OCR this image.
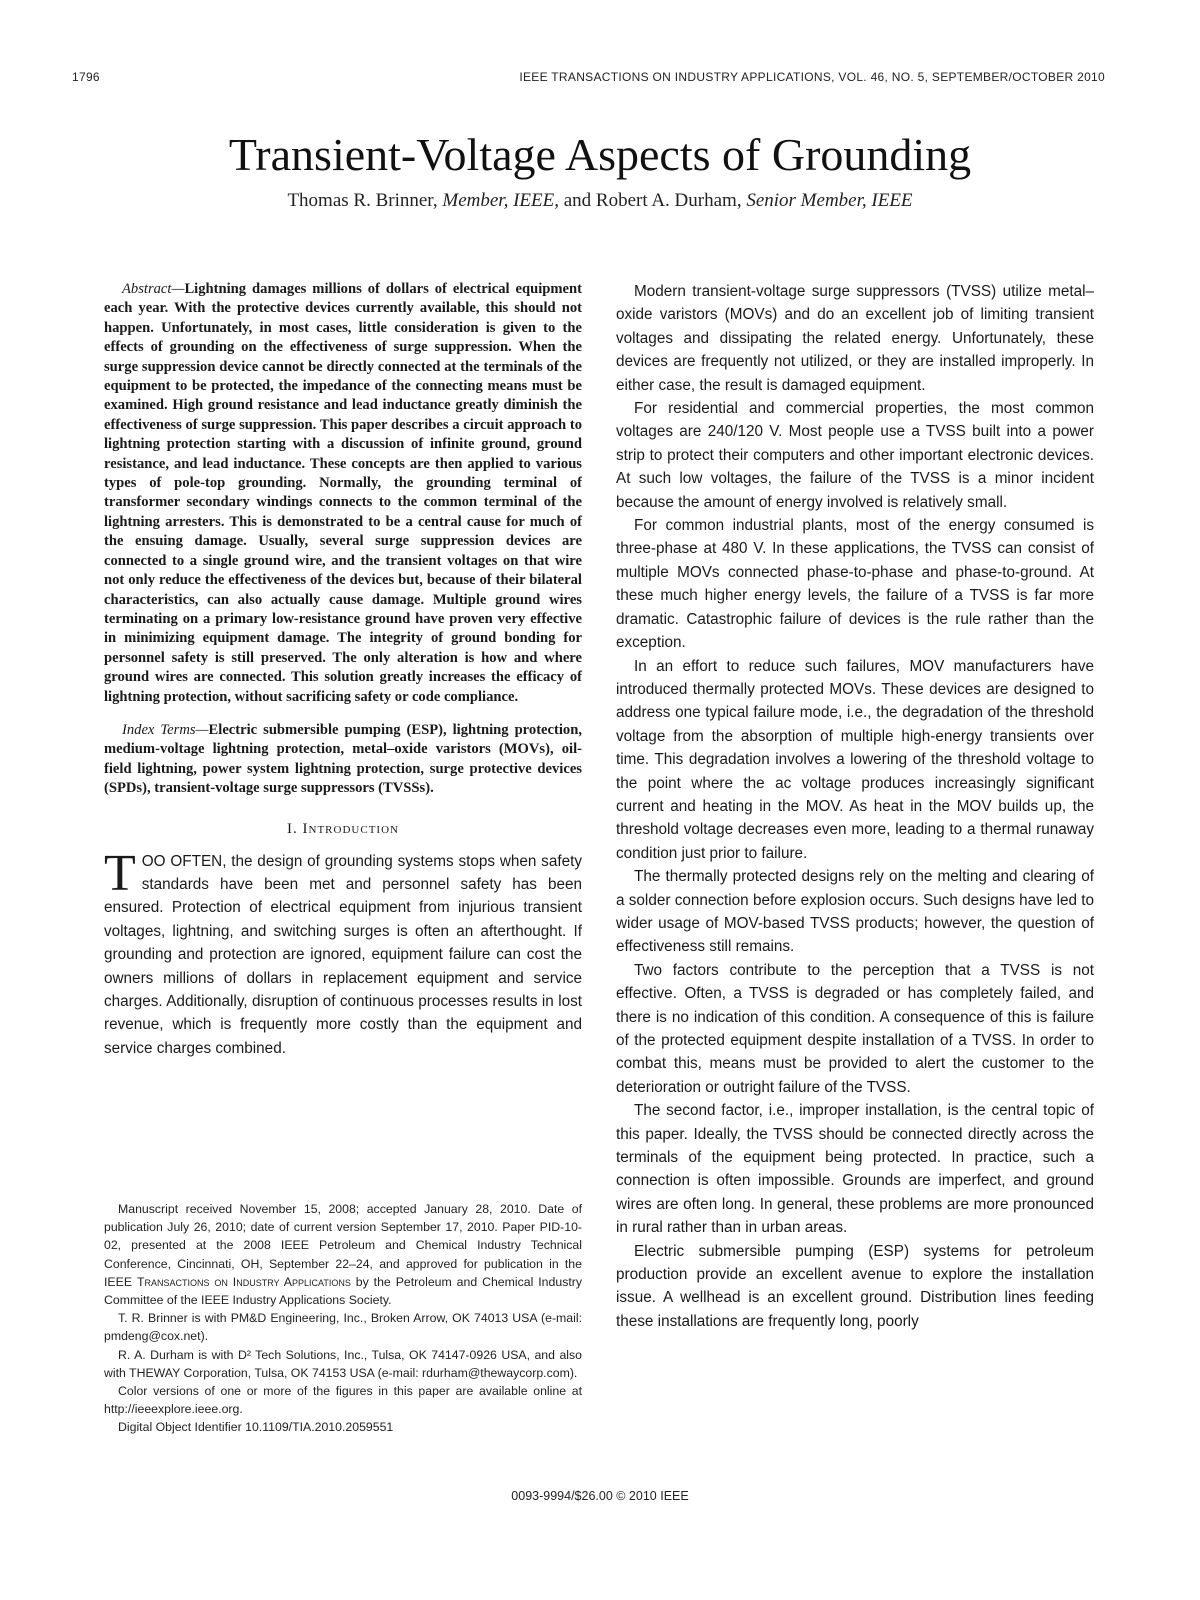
1796	IEEE TRANSACTIONS ON INDUSTRY APPLICATIONS, VOL. 46, NO. 5, SEPTEMBER/OCTOBER 2010
Transient-Voltage Aspects of Grounding
Thomas R. Brinner, Member, IEEE, and Robert A. Durham, Senior Member, IEEE

Abstract—Lightning damages millions of dollars of electrical equipment each year. With the protective devices currently available, this should not happen. Unfortunately, in most cases, little consideration is given to the effects of grounding on the effectiveness of surge suppression. When the surge suppression device cannot be directly connected at the terminals of the equipment to be protected, the impedance of the connecting means must be examined. High ground resistance and lead inductance greatly diminish the effectiveness of surge suppression. This paper describes a circuit approach to lightning protection starting with a discussion of infinite ground, ground resistance, and lead inductance. These concepts are then applied to various types of pole-top grounding. Normally, the grounding terminal of transformer secondary windings connects to the common terminal of the lightning arresters. This is demonstrated to be a central cause for much of the ensuing damage. Usually, several surge suppression devices are connected to a single ground wire, and the transient voltages on that wire not only reduce the effectiveness of the devices but, because of their bilateral characteristics, can also actually cause damage. Multiple ground wires terminating on a primary low-resistance ground have proven very effective in minimizing equipment damage. The integrity of ground bonding for personnel safety is still preserved. The only alteration is how and where ground wires are connected. This solution greatly increases the efficacy of lightning protection, without sacrificing safety or code compliance.

Index Terms—Electric submersible pumping (ESP), lightning protection, medium-voltage lightning protection, metal–oxide varistors (MOVs), oil-field lightning, power system lightning protection, surge protective devices (SPDs), transient-voltage surge suppressors (TVSSs).

I. Introduction

TOO OFTEN, the design of grounding systems stops when safety standards have been met and personnel safety has been ensured. Protection of electrical equipment from injurious transient voltages, lightning, and switching surges is often an afterthought. If grounding and protection are ignored, equipment failure can cost the owners millions of dollars in replacement equipment and service charges. Additionally, disruption of continuous processes results in lost revenue, which is frequently more costly than the equipment and service charges combined.

Manuscript received November 15, 2008; accepted January 28, 2010. Date of publication July 26, 2010; date of current version September 17, 2010. Paper PID-10-02, presented at the 2008 IEEE Petroleum and Chemical Industry Technical Conference, Cincinnati, OH, September 22–24, and approved for publication in the IEEE Transactions on Industry Applications by the Petroleum and Chemical Industry Committee of the IEEE Industry Applications Society.

T. R. Brinner is with PM&D Engineering, Inc., Broken Arrow, OK 74013 USA (e-mail: pmdeng@cox.net).

R. A. Durham is with D² Tech Solutions, Inc., Tulsa, OK 74147-0926 USA, and also with THEWAY Corporation, Tulsa, OK 74153 USA (e-mail: rdurham@thewaycorp.com).

Color versions of one or more of the figures in this paper are available online at http://ieeexplore.ieee.org.

Digital Object Identifier 10.1109/TIA.2010.2059551

Modern transient-voltage surge suppressors (TVSS) utilize metal–oxide varistors (MOVs) and do an excellent job of limiting transient voltages and dissipating the related energy. Unfortunately, these devices are frequently not utilized, or they are installed improperly. In either case, the result is damaged equipment.

For residential and commercial properties, the most common voltages are 240/120 V. Most people use a TVSS built into a power strip to protect their computers and other important electronic devices. At such low voltages, the failure of the TVSS is a minor incident because the amount of energy involved is relatively small.

For common industrial plants, most of the energy consumed is three-phase at 480 V. In these applications, the TVSS can consist of multiple MOVs connected phase-to-phase and phase-to-ground. At these much higher energy levels, the failure of a TVSS is far more dramatic. Catastrophic failure of devices is the rule rather than the exception.

In an effort to reduce such failures, MOV manufacturers have introduced thermally protected MOVs. These devices are designed to address one typical failure mode, i.e., the degradation of the threshold voltage from the absorption of multiple high-energy transients over time. This degradation involves a lowering of the threshold voltage to the point where the ac voltage produces increasingly significant current and heating in the MOV. As heat in the MOV builds up, the threshold voltage decreases even more, leading to a thermal runaway condition just prior to failure.

The thermally protected designs rely on the melting and clearing of a solder connection before explosion occurs. Such designs have led to wider usage of MOV-based TVSS products; however, the question of effectiveness still remains.

Two factors contribute to the perception that a TVSS is not effective. Often, a TVSS is degraded or has completely failed, and there is no indication of this condition. A consequence of this is failure of the protected equipment despite installation of a TVSS. In order to combat this, means must be provided to alert the customer to the deterioration or outright failure of the TVSS.

The second factor, i.e., improper installation, is the central topic of this paper. Ideally, the TVSS should be connected directly across the terminals of the equipment being protected. In practice, such a connection is often impossible. Grounds are imperfect, and ground wires are often long. In general, these problems are more pronounced in rural rather than in urban areas.

Electric submersible pumping (ESP) systems for petroleum production provide an excellent avenue to explore the installation issue. A wellhead is an excellent ground. Distribution lines feeding these installations are frequently long, poorly

0093-9994/$26.00 © 2010 IEEE
